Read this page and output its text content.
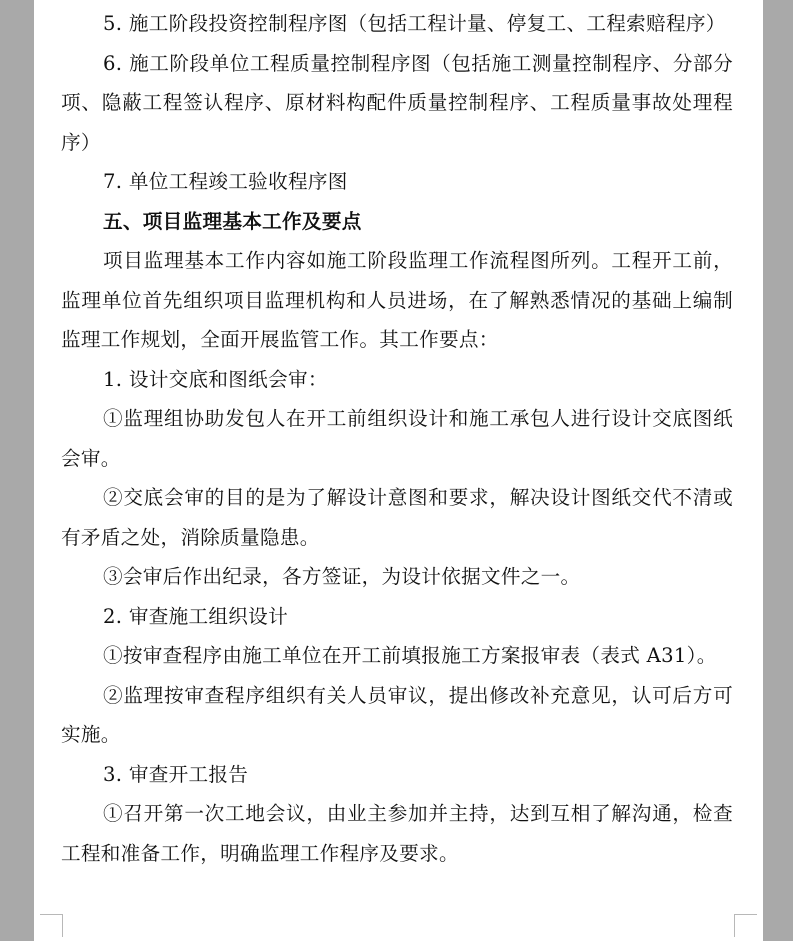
5. 施工阶段投资控制程序图（包括工程计量、停复工、工程索赔程序）

6. 施工阶段单位工程质量控制程序图（包括施工测量控制程序、分部分项、隐蔽工程签认程序、原材料构配件质量控制程序、工程质量事故处理程序）

7. 单位工程竣工验收程序图

五、项目监理基本工作及要点

项目监理基本工作内容如施工阶段监理工作流程图所列。工程开工前，监理单位首先组织项目监理机构和人员进场，在了解熟悉情况的基础上编制监理工作规划，全面开展监管工作。其工作要点：

1. 设计交底和图纸会审：

①监理组协助发包人在开工前组织设计和施工承包人进行设计交底图纸会审。

②交底会审的目的是为了解设计意图和要求，解决设计图纸交代不清或有矛盾之处，消除质量隐患。

③会审后作出纪录，各方签证，为设计依据文件之一。

2. 审查施工组织设计

①按审查程序由施工单位在开工前填报施工方案报审表（表式 A31）。

②监理按审查程序组织有关人员审议，提出修改补充意见，认可后方可实施。

3. 审查开工报告

①召开第一次工地会议，由业主参加并主持，达到互相了解沟通，检查工程和准备工作，明确监理工作程序及要求。
